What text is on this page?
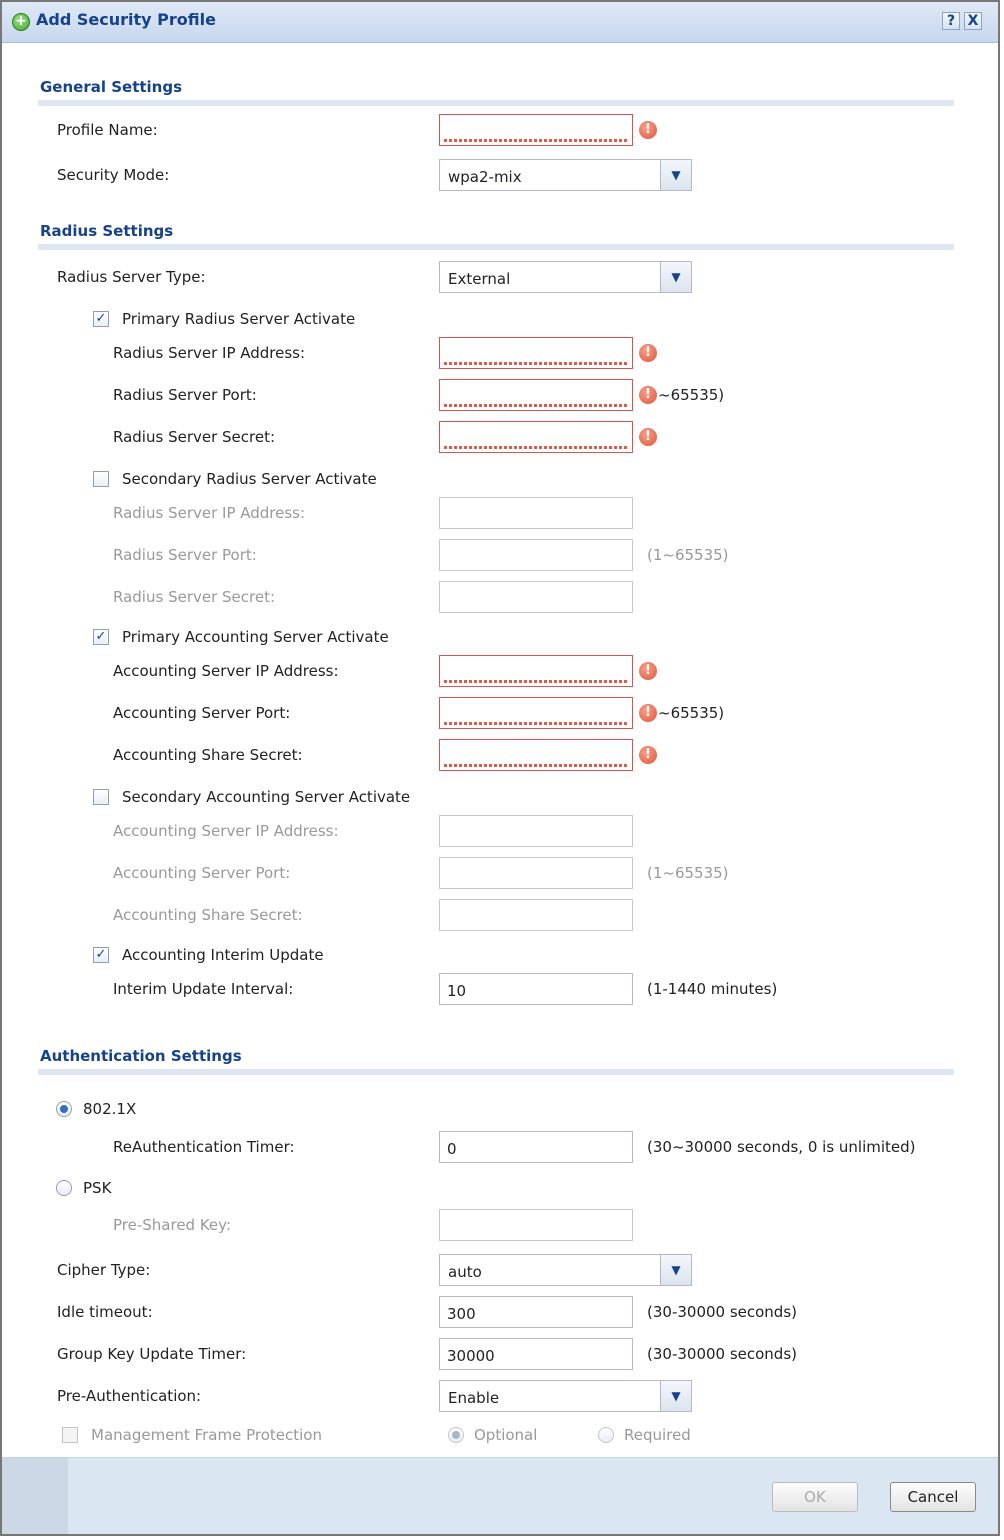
+ Add Security Profile	? X
General Settings
Profile Name:	!
Security Mode:	wpa2-mix	▼
Radius Settings
Radius Server Type:	External	▼
✓ Primary Radius Server Activate
Radius Server IP Address:	!
Radius Server Port:	! ~65535)
Radius Server Secret:	!
Secondary Radius Server Activate
Radius Server IP Address:
Radius Server Port:	(1~65535)
Radius Server Secret:
✓ Primary Accounting Server Activate
Accounting Server IP Address:	!
Accounting Server Port:	! ~65535)
Accounting Share Secret:	!
Secondary Accounting Server Activate
Accounting Server IP Address:
Accounting Server Port:	(1~65535)
Accounting Share Secret:
✓ Accounting Interim Update
Interim Update Interval:	10	(1-1440 minutes)
Authentication Settings
802.1X
ReAuthentication Timer:	0	(30~30000 seconds, 0 is unlimited)
PSK
Pre-Shared Key:
Cipher Type:	auto	▼
Idle timeout:	300	(30-30000 seconds)
Group Key Update Timer:	30000	(30-30000 seconds)
Pre-Authentication:	Enable	▼
Management Frame Protection	Optional	Required
OK	Cancel
